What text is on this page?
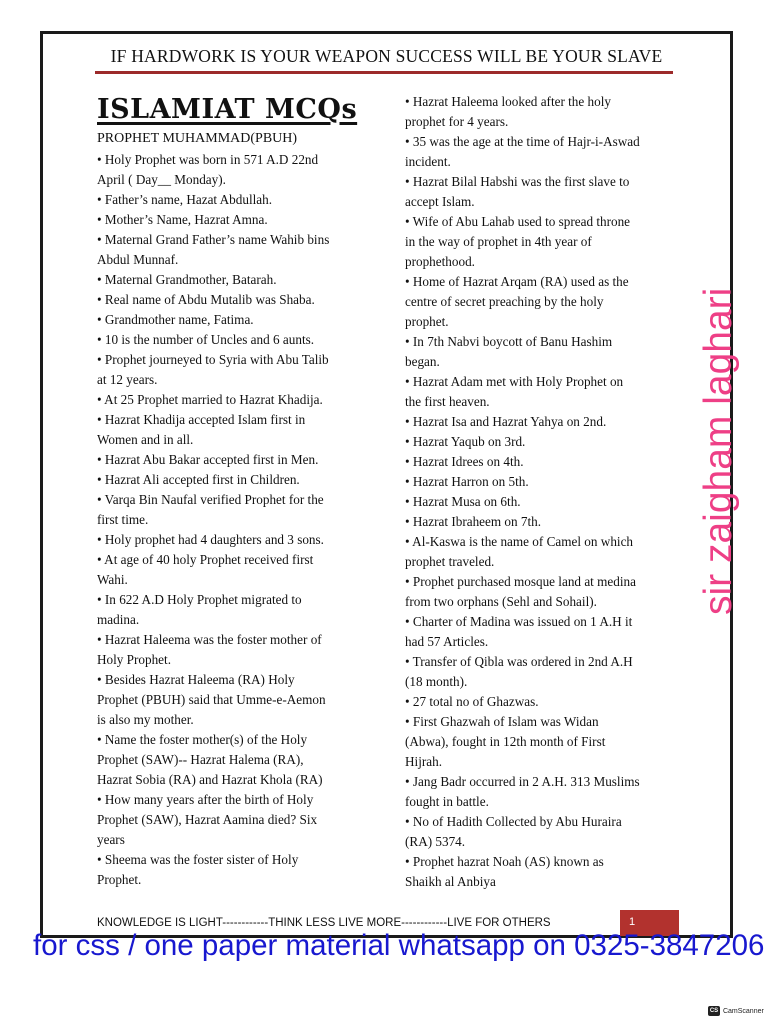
IF HARDWORK IS YOUR WEAPON SUCCESS WILL BE YOUR SLAVE
ISLAMIAT MCQs
PROPHET MUHAMMAD(PBUH)
• Holy Prophet was born in 571 A.D 22nd
April ( Day__ Monday).
• Father’s name, Hazat Abdullah.
• Mother’s Name, Hazrat Amna.
• Maternal Grand Father’s name Wahib bins
Abdul Munnaf.
• Maternal Grandmother, Batarah.
• Real name of Abdu Mutalib was Shaba.
• Grandmother name, Fatima.
• 10 is the number of Uncles and 6 aunts.
• Prophet journeyed to Syria with Abu Talib
at 12 years.
• At 25 Prophet married to Hazrat Khadija.
• Hazrat Khadija accepted Islam first in
Women and in all.
• Hazrat Abu Bakar accepted first in Men.
• Hazrat Ali accepted first in Children.
• Varqa Bin Naufal verified Prophet for the
first time.
• Holy prophet had 4 daughters and 3 sons.
• At age of 40 holy Prophet received first
Wahi.
• In 622 A.D Holy Prophet migrated to
madina.
• Hazrat Haleema was the foster mother of
Holy Prophet.
• Besides Hazrat Haleema (RA) Holy
Prophet (PBUH) said that Umme-e-Aemon
is also my mother.
• Name the foster mother(s) of the Holy
Prophet (SAW)-- Hazrat Halema (RA),
Hazrat Sobia (RA) and Hazrat Khola (RA)
• How many years after the birth of Holy
Prophet (SAW), Hazrat Aamina died? Six
years
• Sheema was the foster sister of Holy
Prophet.
• Hazrat Haleema looked after the holy
prophet for 4 years.
• 35 was the age at the time of Hajr-i-Aswad
incident.
• Hazrat Bilal Habshi was the first slave to
accept Islam.
• Wife of Abu Lahab used to spread throne
in the way of prophet in 4th year of
prophethood.
• Home of Hazrat Arqam (RA) used as the
centre of secret preaching by the holy
prophet.
• In 7th Nabvi boycott of Banu Hashim
began.
• Hazrat Adam met with Holy Prophet on
the first heaven.
• Hazrat Isa and Hazrat Yahya on 2nd.
• Hazrat Yaqub on 3rd.
• Hazrat Idrees on 4th.
• Hazrat Harron on 5th.
• Hazrat Musa on 6th.
• Hazrat Ibraheem on 7th.
• Al-Kaswa is the name of Camel on which
prophet traveled.
• Prophet purchased mosque land at medina
from two orphans (Sehl and Sohail).
• Charter of Madina was issued on 1 A.H it
had 57 Articles.
• Transfer of Qibla was ordered in 2nd A.H
(18 month).
• 27 total no of Ghazwas.
• First Ghazwah of Islam was Widan
(Abwa), fought in 12th month of First
Hijrah.
• Jang Badr occurred in 2 A.H. 313 Muslims
fought in battle.
• No of Hadith Collected by Abu Huraira
(RA) 5374.
• Prophet hazrat Noah (AS) known as
Shaikh al Anbiya
sir zaigham laghari
KNOWLEDGE IS LIGHT------------THINK LESS LIVE MORE------------LIVE FOR OTHERS	1
for css / one paper material whatsapp on 0325-3847206
CS CamScanner
